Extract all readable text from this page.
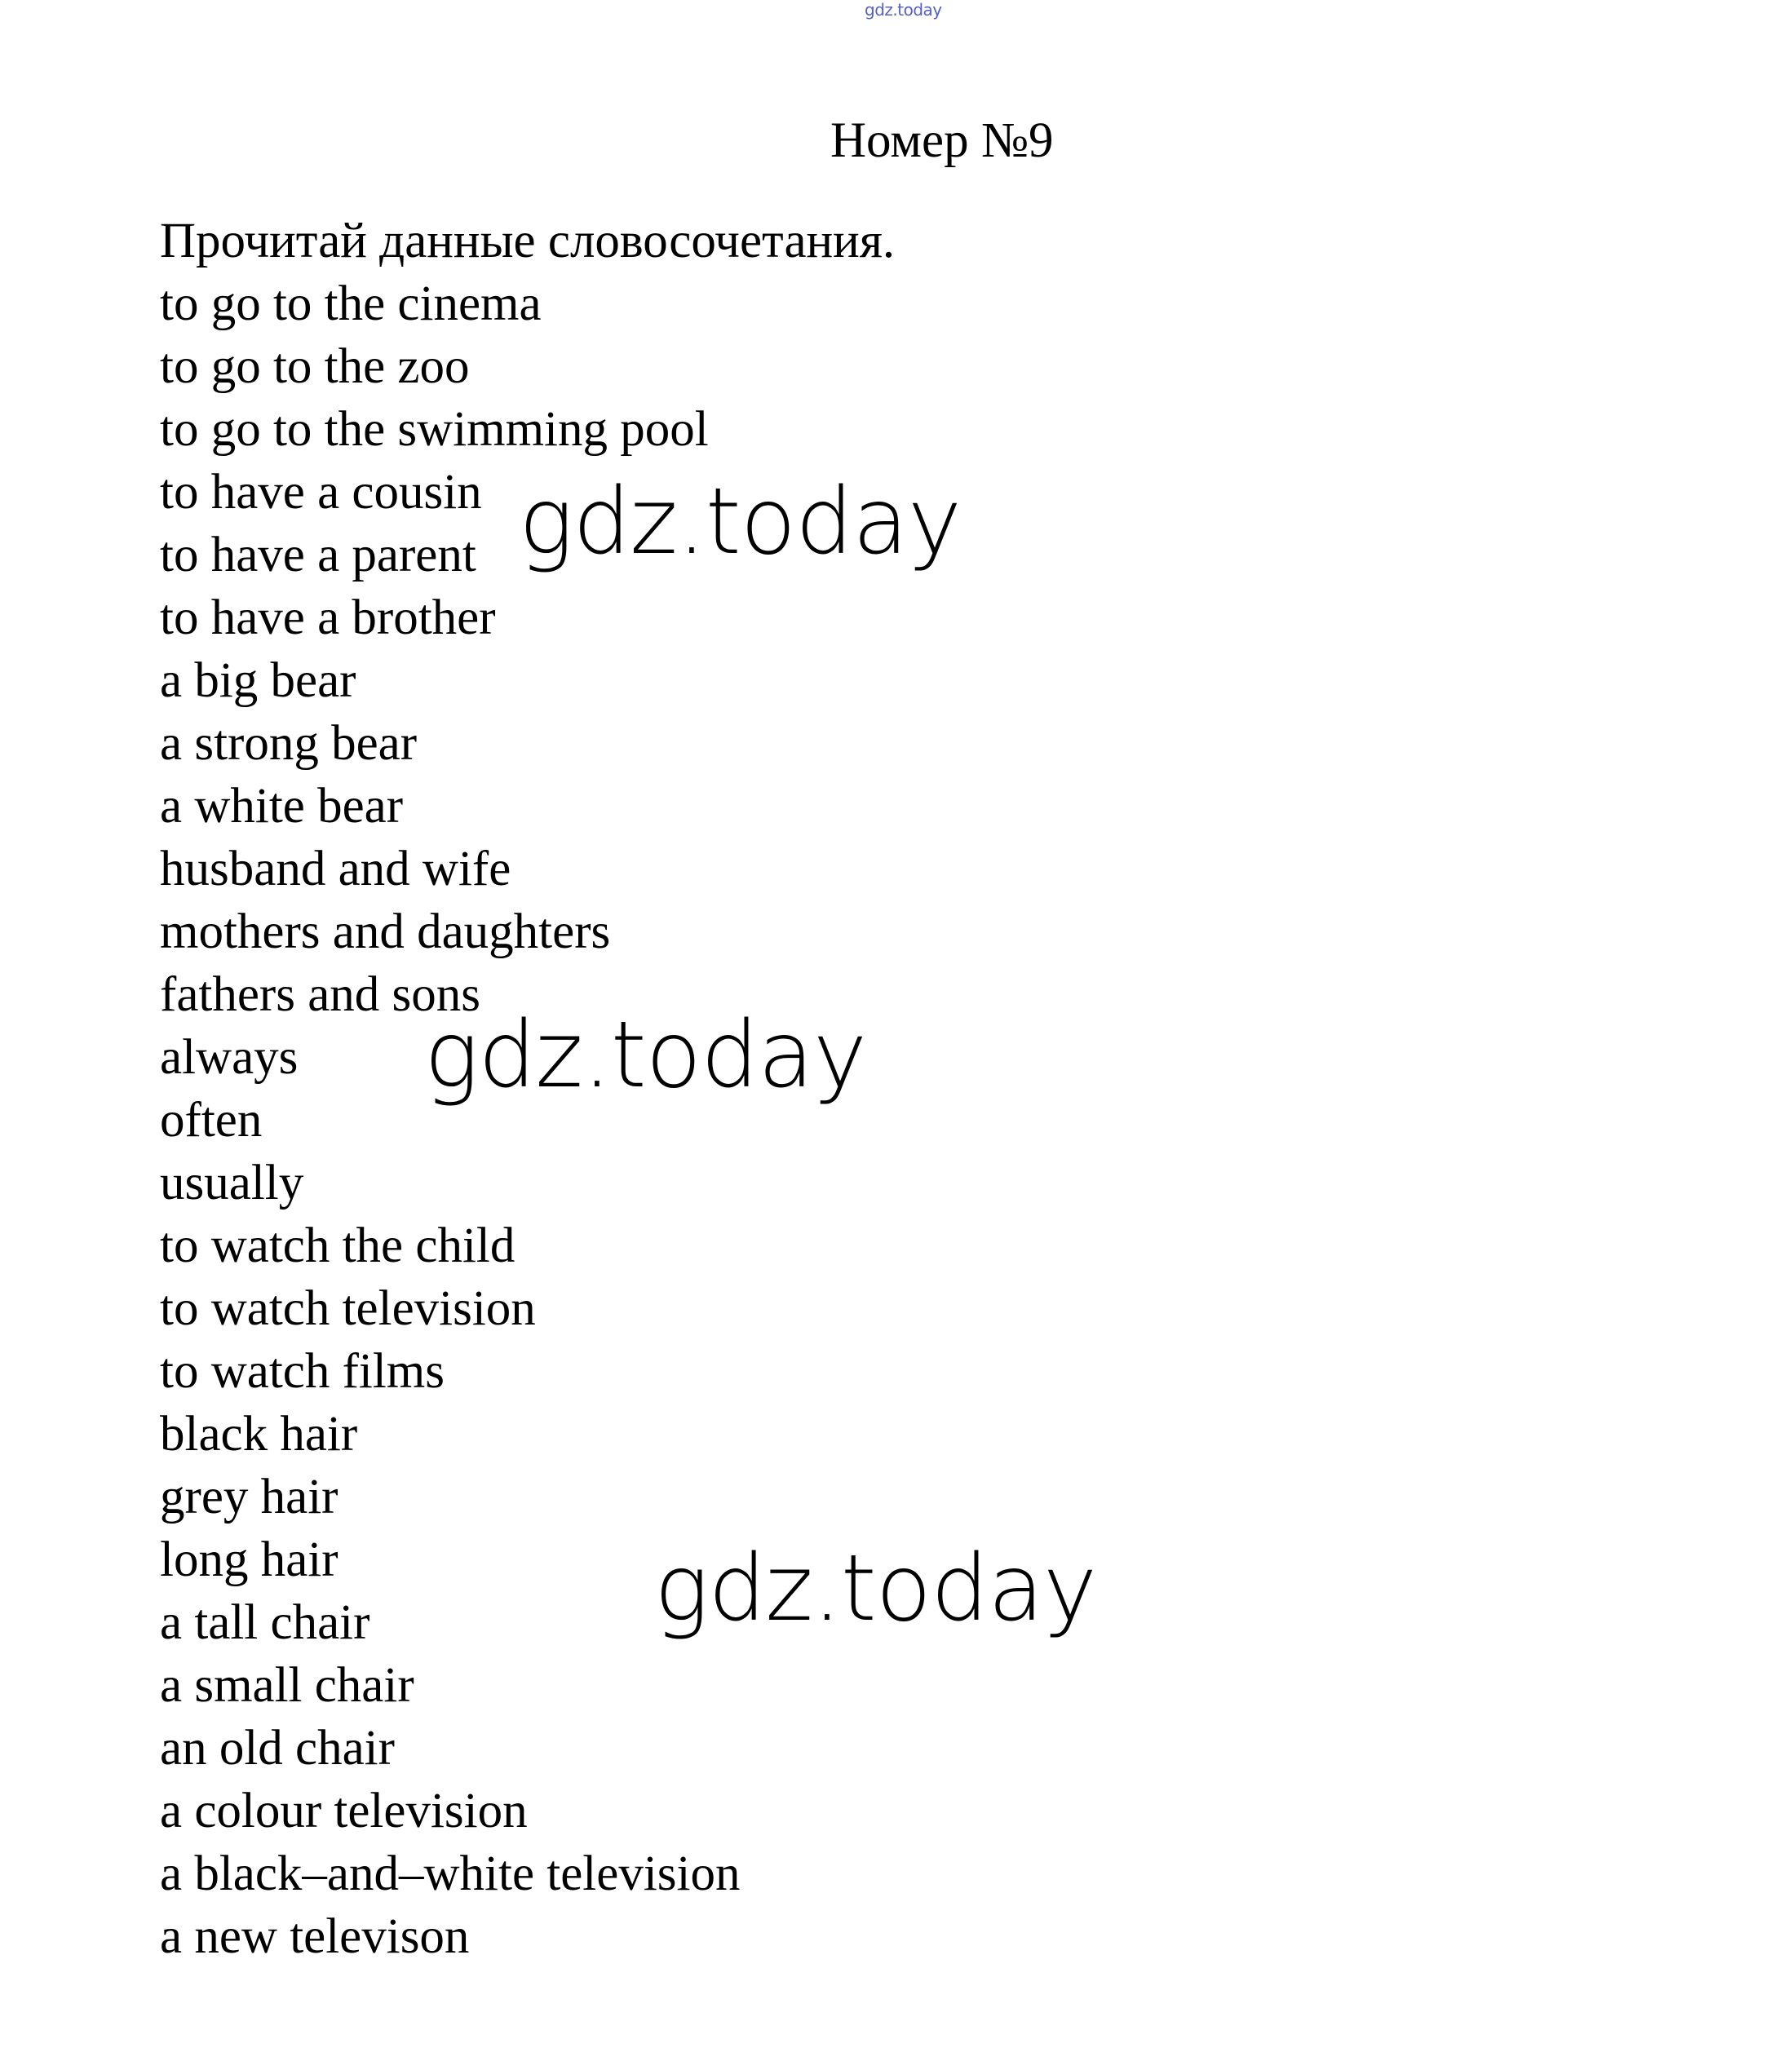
gdz.today
Номер №9
Прочитай данные словосочетания.
to go to the cinema
to go to the zoo
to go to the swimming pool
to have a cousin
to have a parent
to have a brother
a big bear
a strong bear
a white bear
husband and wife
mothers and daughters
fathers and sons
always
often
usually
to watch the child
to watch television
to watch films
black hair
grey hair
long hair
a tall chair
a small chair
an old chair
a colour television
a black–and–white television
a new televison
gdz.today
gdz.today
gdz.today
